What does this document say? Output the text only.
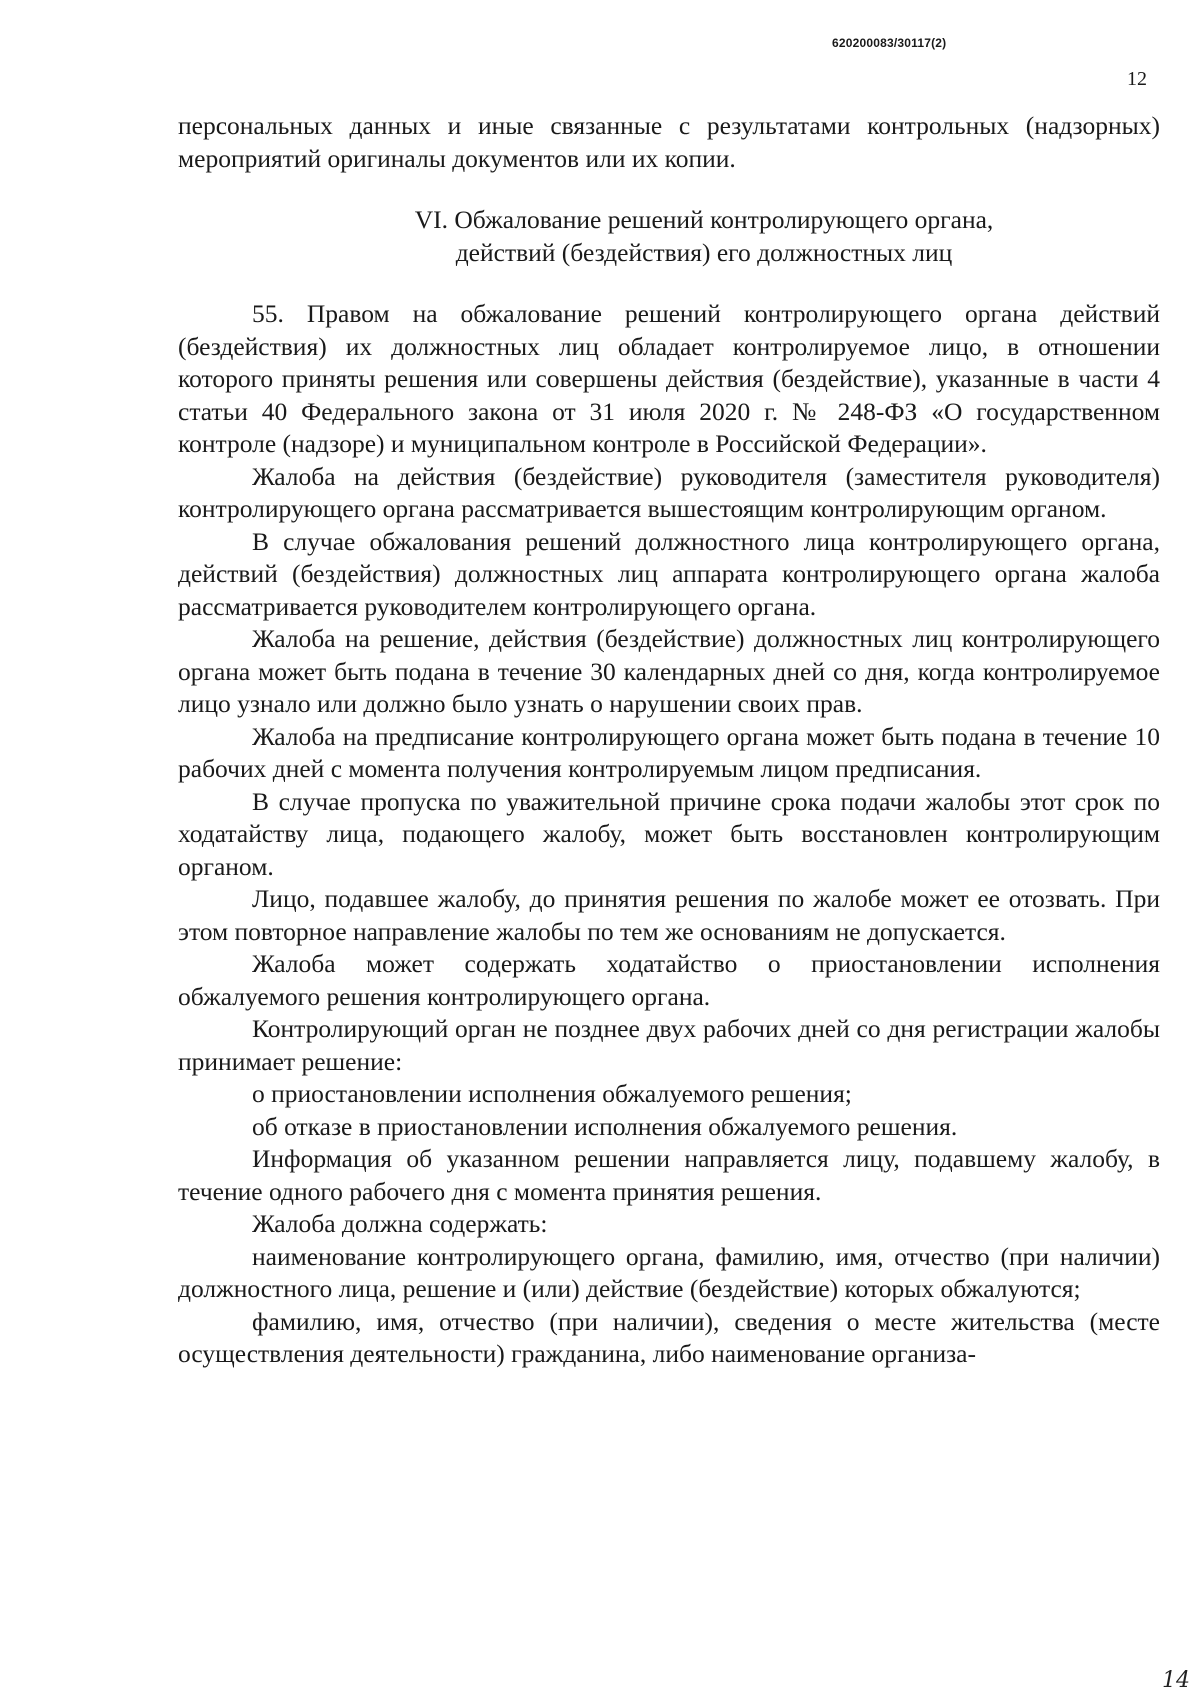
620200083/30117(2)
12

персональных данных и иные связанные с результатами контрольных (надзорных) мероприятий оригиналы документов или их копии.

VI. Обжалование решений контролирующего органа,
действий (бездействия) его должностных лиц

55. Правом на обжалование решений контролирующего органа действий (бездействия) их должностных лиц обладает контролируемое лицо, в отношении которого приняты решения или совершены действия (бездействие), указанные в части 4 статьи 40 Федерального закона от 31 июля 2020 г. № 248-ФЗ «О государственном контроле (надзоре) и муниципальном контроле в Российской Федерации».

Жалоба на действия (бездействие) руководителя (заместителя руководителя) контролирующего органа рассматривается вышестоящим контролирующим органом.

В случае обжалования решений должностного лица контролирующего органа, действий (бездействия) должностных лиц аппарата контролирующего органа жалоба рассматривается руководителем контролирующего органа.

Жалоба на решение, действия (бездействие) должностных лиц контролирующего органа может быть подана в течение 30 календарных дней со дня, когда контролируемое лицо узнало или должно было узнать о нарушении своих прав.

Жалоба на предписание контролирующего органа может быть подана в течение 10 рабочих дней с момента получения контролируемым лицом предписания.

В случае пропуска по уважительной причине срока подачи жалобы этот срок по ходатайству лица, подающего жалобу, может быть восстановлен контролирующим органом.

Лицо, подавшее жалобу, до принятия решения по жалобе может ее отозвать. При этом повторное направление жалобы по тем же основаниям не допускается.

Жалоба может содержать ходатайство о приостановлении исполнения обжалуемого решения контролирующего органа.

Контролирующий орган не позднее двух рабочих дней со дня регистрации жалобы принимает решение:

о приостановлении исполнения обжалуемого решения;

об отказе в приостановлении исполнения обжалуемого решения.

Информация об указанном решении направляется лицу, подавшему жалобу, в течение одного рабочего дня с момента принятия решения.

Жалоба должна содержать:

наименование контролирующего органа, фамилию, имя, отчество (при наличии) должностного лица, решение и (или) действие (бездействие) которых обжалуются;

фамилию, имя, отчество (при наличии), сведения о месте жительства (месте осуществления деятельности) гражданина, либо наименование организа-

14
